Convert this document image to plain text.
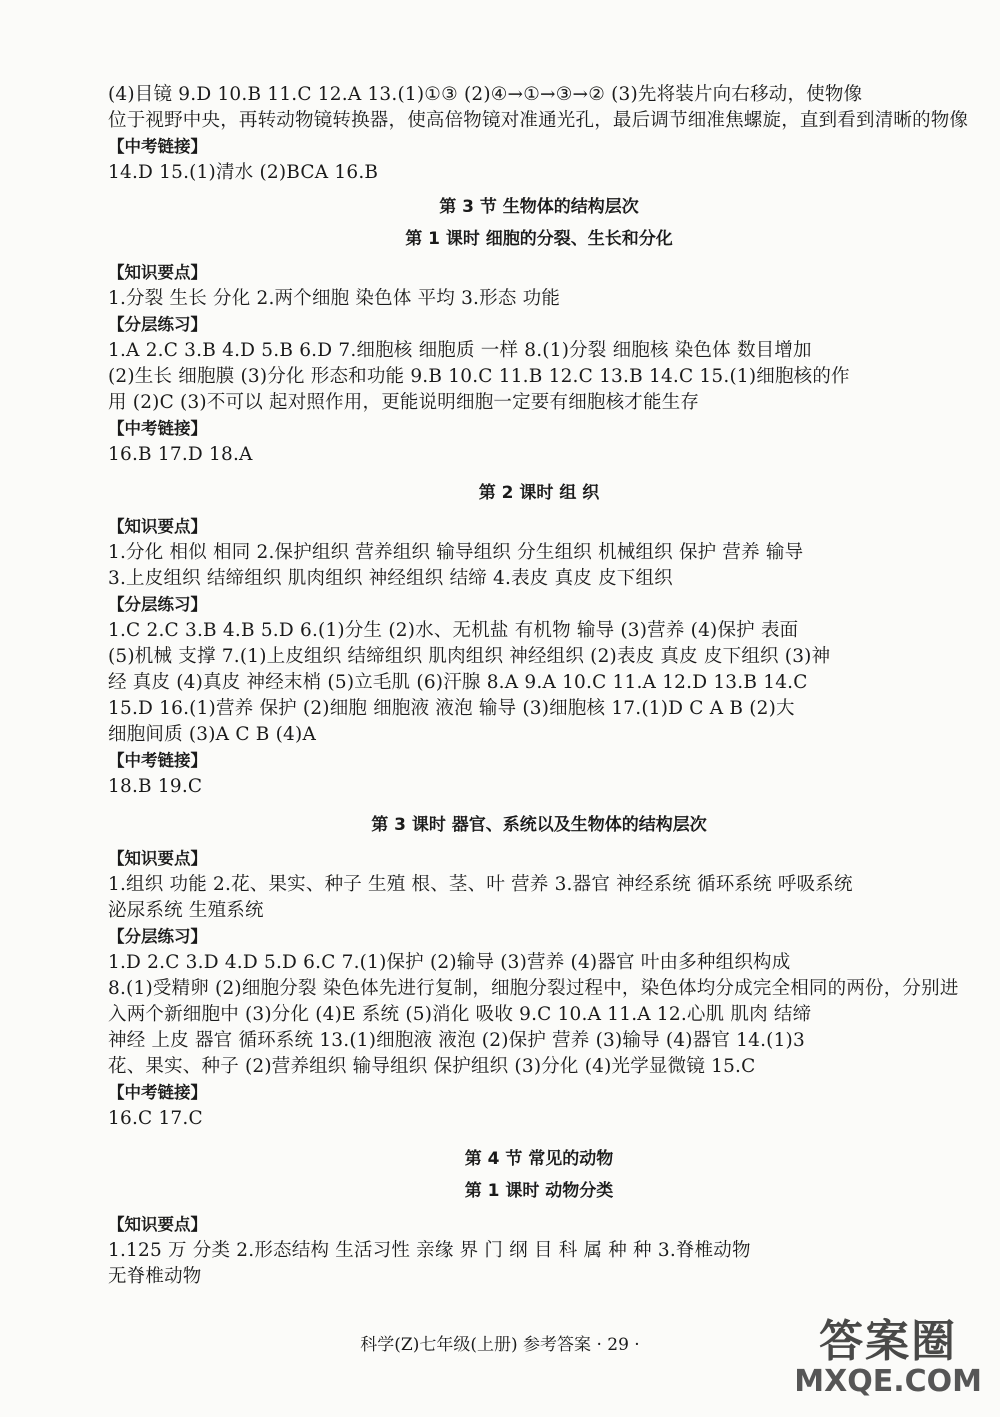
(4)目镜 9.D 10.B 11.C 12.A 13.(1)①③ (2)④→①→③→② (3)先将装片向右移动，使物像
位于视野中央，再转动物镜转换器，使高倍物镜对准通光孔，最后调节细准焦螺旋，直到看到清晰的物像
【中考链接】
14.D 15.(1)清水 (2)BCA 16.B
第 3 节 生物体的结构层次
第 1 课时 细胞的分裂、生长和分化
【知识要点】
1.分裂 生长 分化 2.两个细胞 染色体 平均 3.形态 功能
【分层练习】
1.A 2.C 3.B 4.D 5.B 6.D 7.细胞核 细胞质 一样 8.(1)分裂 细胞核 染色体 数目增加
(2)生长 细胞膜 (3)分化 形态和功能 9.B 10.C 11.B 12.C 13.B 14.C 15.(1)细胞核的作
用 (2)C (3)不可以 起对照作用，更能说明细胞一定要有细胞核才能生存
【中考链接】
16.B 17.D 18.A
第 2 课时 组 织
【知识要点】
1.分化 相似 相同 2.保护组织 营养组织 输导组织 分生组织 机械组织 保护 营养 输导
3.上皮组织 结缔组织 肌肉组织 神经组织 结缔 4.表皮 真皮 皮下组织
【分层练习】
1.C 2.C 3.B 4.B 5.D 6.(1)分生 (2)水、无机盐 有机物 输导 (3)营养 (4)保护 表面
(5)机械 支撑 7.(1)上皮组织 结缔组织 肌肉组织 神经组织 (2)表皮 真皮 皮下组织 (3)神
经 真皮 (4)真皮 神经末梢 (5)立毛肌 (6)汗腺 8.A 9.A 10.C 11.A 12.D 13.B 14.C
15.D 16.(1)营养 保护 (2)细胞 细胞液 液泡 输导 (3)细胞核 17.(1)D C A B (2)大
细胞间质 (3)A C B (4)A
【中考链接】
18.B 19.C
第 3 课时 器官、系统以及生物体的结构层次
【知识要点】
1.组织 功能 2.花、果实、种子 生殖 根、茎、叶 营养 3.器官 神经系统 循环系统 呼吸系统
泌尿系统 生殖系统
【分层练习】
1.D 2.C 3.D 4.D 5.D 6.C 7.(1)保护 (2)输导 (3)营养 (4)器官 叶由多种组织构成
8.(1)受精卵 (2)细胞分裂 染色体先进行复制，细胞分裂过程中，染色体均分成完全相同的两份，分别进
入两个新细胞中 (3)分化 (4)E 系统 (5)消化 吸收 9.C 10.A 11.A 12.心肌 肌肉 结缔
神经 上皮 器官 循环系统 13.(1)细胞液 液泡 (2)保护 营养 (3)输导 (4)器官 14.(1)3
花、果实、种子 (2)营养组织 输导组织 保护组织 (3)分化 (4)光学显微镜 15.C
【中考链接】
16.C 17.C
第 4 节 常见的动物
第 1 课时 动物分类
【知识要点】
1.125 万 分类 2.形态结构 生活习性 亲缘 界 门 纲 目 科 属 种 种 3.脊椎动物
无脊椎动物
科学(Z)七年级(上册) 参考答案 · 29 ·	答案圈
MXQE.COM
